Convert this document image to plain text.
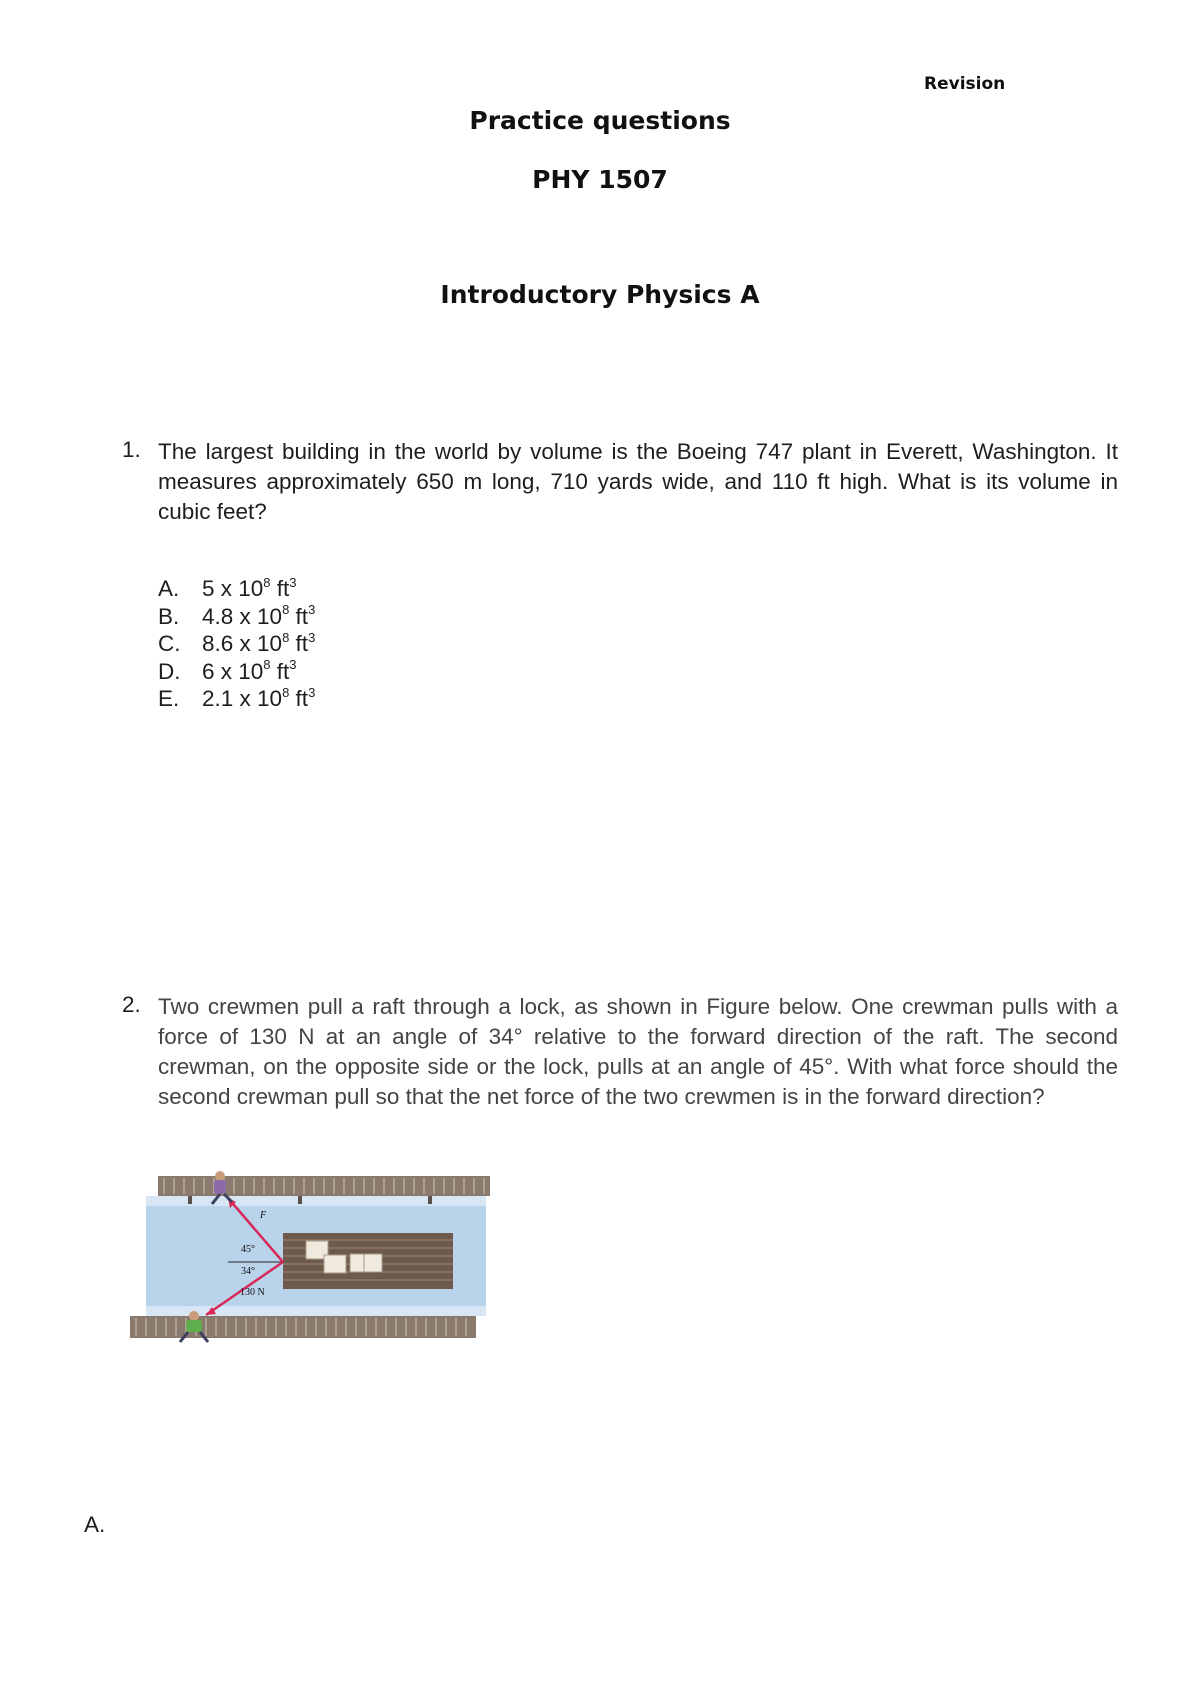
Revision
Practice questions
PHY 1507
Introductory Physics A
1. The largest building in the world by volume is the Boeing 747 plant in Everett, Washington. It measures approximately 650 m long, 710 yards wide, and 110 ft high. What is its volume in cubic feet?
A. 5 x $10^8$ $ft^3$
B. 4.8 x $10^8$ $ft^3$
C. 8.6 x $10^8$ $ft^3$
D. 6 x $10^8$ $ft^3$
E. 2.1 x $10^8$ $ft^3$
2. Two crewmen pull a raft through a lock, as shown in Figure below. One crewman pulls with a force of 130 N at an angle of 34° relative to the forward direction of the raft. The second crewman, on the opposite side or the lock, pulls at an angle of 45°. With what force should the second crewman pull so that the net force of the two crewmen is in the forward direction?
F
45°
34°
130 N
A.
